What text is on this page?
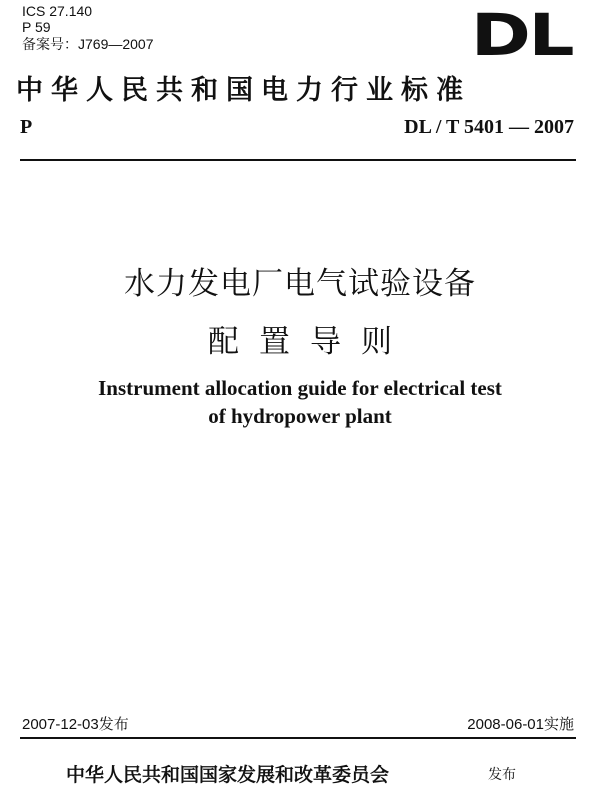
ICS 27.140
P 59
备案号：J769—2007	DL
中华人民共和国电力行业标准
P	DL / T 5401 — 2007
水力发电厂电气试验设备
配置导则
Instrument allocation guide for electrical test
of hydropower plant
2007-12-03发布	2008-06-01实施
中华人民共和国国家发展和改革委员会	发布
